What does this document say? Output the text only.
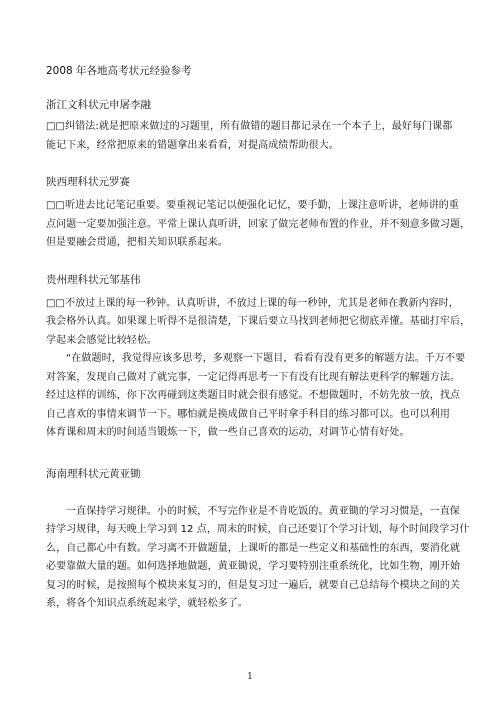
2008 年各地高考状元经验参考
浙江文科状元申屠李融
□□纠错法:就是把原来做过的习题里，所有做错的题目都记录在一个本子上，最好每门课都
能记下来，经常把原来的错题拿出来看看，对提高成绩帮助很大。
陕西理科状元罗赛
□□听进去比记笔记重要。要重视记笔记以便强化记忆，要手勤，上课注意听讲，老师讲的重
点问题一定要加强注意。平常上课认真听讲，回家了做完老师布置的作业，并不刻意多做习题，
但是要融会贯通，把相关知识联系起来。
贵州理科状元邹基伟
□□不放过上课的每一秒钟。认真听讲，不放过上课的每一秒钟，尤其是老师在教新内容时，
我会格外认真。如果课上听得不是很清楚，下课后要立马找到老师把它彻底弄懂。基础打牢后，
学起来会感觉比较轻松。
“在做题时，我觉得应该多思考，多观察一下题目，看看有没有更多的解题方法。千万不要
对答案，发现自己做对了就完事，一定记得再思考一下有没有比现有解法更科学的解题方法。
经过这样的训练，你下次再碰到这类题目时就会很有感觉。不想做题时，不妨先放一放，找点
自己喜欢的事情来调节一下。哪怕就是换成做自己平时拿手科目的练习都可以。也可以利用
体育课和周末的时间适当锻炼一下，做一些自己喜欢的运动，对调节心情有好处。
海南理科状元黄亚锄
一直保持学习规律。小的时候，不写完作业是不肯吃饭的。黄亚锄的学习习惯是，一直保
持学习规律，每天晚上学习到 12 点，周末的时候，自己还要订个学习计划，每个时间段学习什
么，自己都心中有数。学习离不开做题量，上课听的都是一些定义和基础性的东西，要消化就
必要靠做大量的题。如何选择地做题，黄亚锄说，学习要特别注重系统化，比如生物，刚开始
复习的时候，是按照每个模块来复习的，但是复习过一遍后，就要自己总结每个模块之间的关
系，将各个知识点系统起来学，就轻松多了。
1
